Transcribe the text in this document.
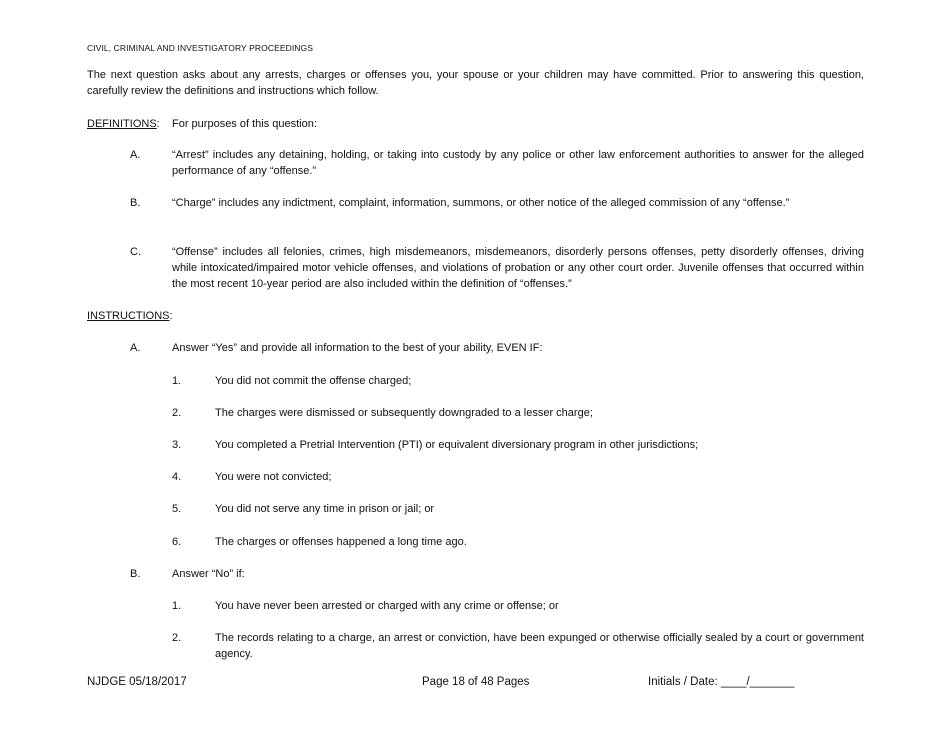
CIVIL, CRIMINAL AND INVESTIGATORY PROCEEDINGS
The next question asks about any arrests, charges or offenses you, your spouse or your children may have committed. Prior to answering this question, carefully review the definitions and instructions which follow.
DEFINITIONS: For purposes of this question:
A.	“Arrest” includes any detaining, holding, or taking into custody by any police or other law enforcement authorities to answer for the alleged performance of any “offense.”
B.	“Charge” includes any indictment, complaint, information, summons, or other notice of the alleged commission of any “offense.”
C.	“Offense” includes all felonies, crimes, high misdemeanors, misdemeanors, disorderly persons offenses, petty disorderly offenses, driving while intoxicated/impaired motor vehicle offenses, and violations of probation or any other court order. Juvenile offenses that occurred within the most recent 10-year period are also included within the definition of “offenses.”
INSTRUCTIONS:
A.	Answer “Yes” and provide all information to the best of your ability, EVEN IF:
1.	You did not commit the offense charged;
2.	The charges were dismissed or subsequently downgraded to a lesser charge;
3.	You completed a Pretrial Intervention (PTI) or equivalent diversionary program in other jurisdictions;
4.	You were not convicted;
5.	You did not serve any time in prison or jail; or
6.	The charges or offenses happened a long time ago.
B.	Answer “No” if:
1.	You have never been arrested or charged with any crime or offense; or
2.	The records relating to a charge, an arrest or conviction, have been expunged or otherwise officially sealed by a court or government agency.
NJDGE 05/18/2017	Page 18 of 48 Pages	Initials / Date: ____/_______
